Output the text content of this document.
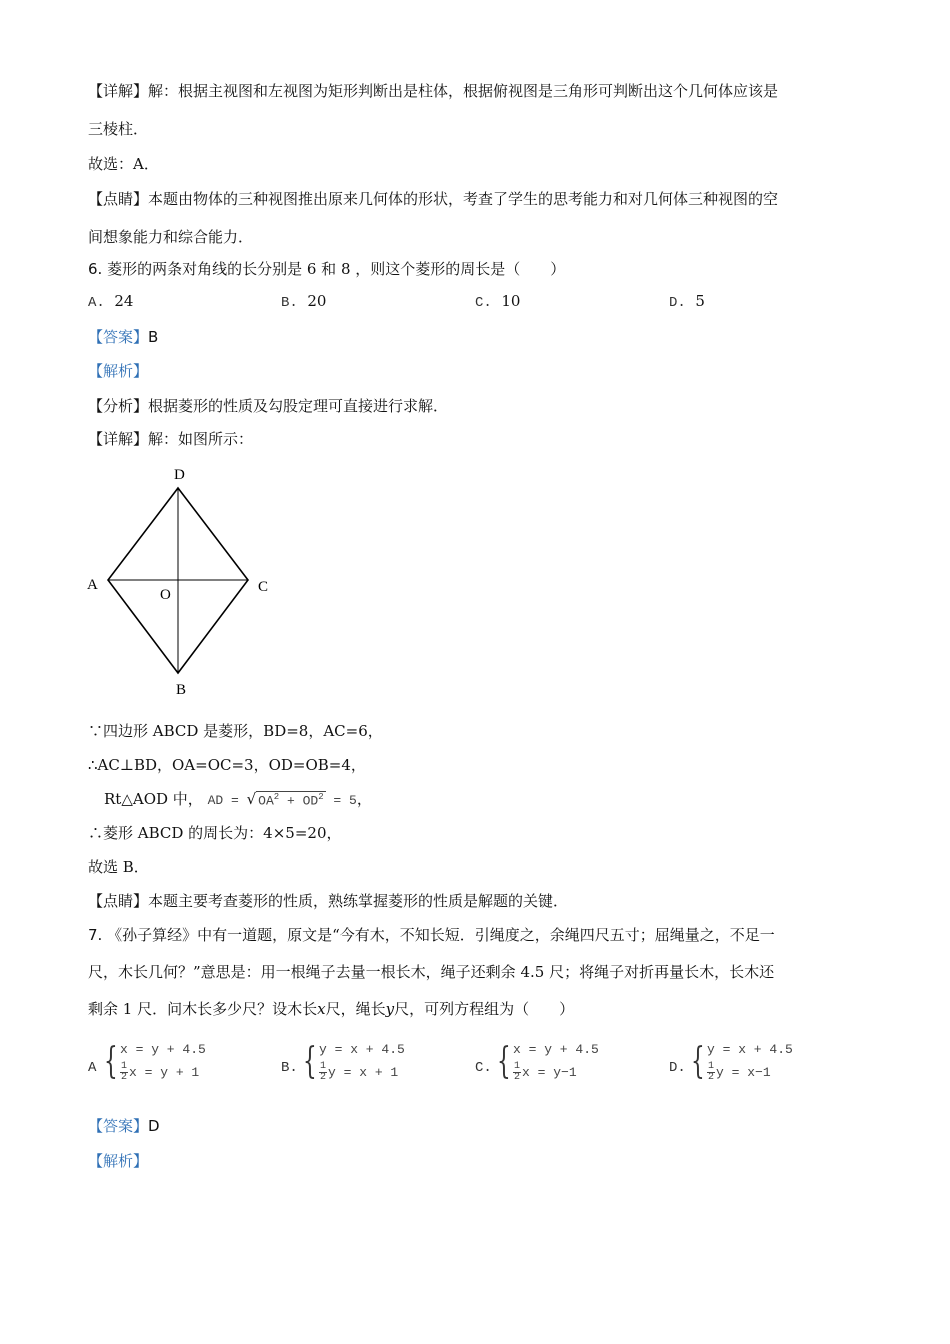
【详解】解：根据主视图和左视图为矩形判断出是柱体，根据俯视图是三角形可判断出这个几何体应该是
三棱柱．
故选：A．
【点睛】本题由物体的三种视图推出原来几何体的形状，考查了学生的思考能力和对几何体三种视图的空
间想象能力和综合能力．
6. 菱形的两条对角线的长分别是 6 和 8 ，则这个菱形的周长是（　　）
A. 24	B. 20	C. 10	D. 5
【答案】B
【解析】
【分析】根据菱形的性质及勾股定理可直接进行求解．
【详解】解：如图所示：
D
A	C
O
B
∵四边形 ABCD 是菱形，BD=8，AC=6，
∴AC⊥BD，OA=OC=3，OD=OB=4，
Rt△AOD 中， AD = √ $OA^2 + OD^2 = 5$，
∴菱形 ABCD 的周长为：4×5=20，
故选 B．
【点睛】本题主要考查菱形的性质，熟练掌握菱形的性质是解题的关键．
7. 《孙子算经》中有一道题，原文是“今有木，不知长短．引绳度之，余绳四尺五寸；屈绳量之，不足一
尺，木长几何？”意思是：用一根绳子去量一根长木，绳子还剩余 4.5 尺；将绳子对折再量长木，长木还
剩余 1 尺．问木长多少尺？设木长x尺，绳长y尺，可列方程组为（　　）
A { x = y + 4.5
$\frac{1}{2}$ x = y + 1	B. { y = x + 4.5
$\frac{1}{2}$ y = x + 1	C. { x = y + 4.5
$\frac{1}{2}$ x = y−1	D. { y = x + 4.5
$\frac{1}{2}$ y = x−1
【答案】D
【解析】
